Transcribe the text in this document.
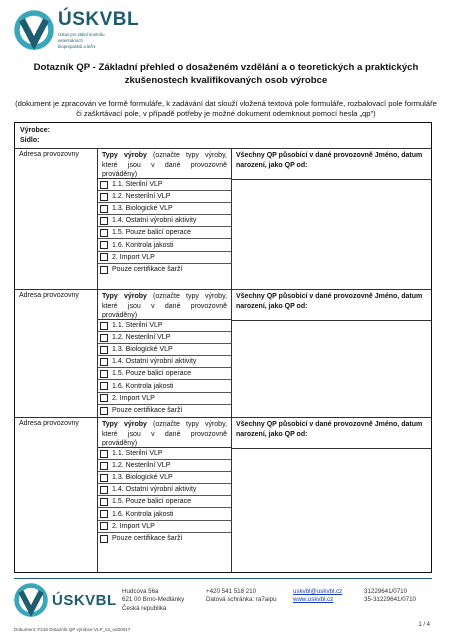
ÚSKVBL
Ústav pro státní kontrolu
veterinárních
biopreparátů a léčiv
Dotazník QP - Základní přehled o dosaženém vzdělání a o teoretických a praktických zkušenostech kvalifikovaných osob výrobce
(dokument je zpracován ve formě formuláře, k zadávání dat slouží vložená textová pole formuláře, rozbalovací pole formuláře či zaškrtávací pole, v případě potřeby je možné dokument odemknout pomocí hesla „qp")
Výrobce:
Sídlo:
Adresa provozovny	Typy výroby (označte typy výroby, které jsou v dané provozovně prováděny)
1.1. Sterilní VLP
1.2. Nesterilní VLP
1.3. Biologické VLP
1.4. Ostatní výrobní aktivity
1.5. Pouze balicí operace
1.6. Kontrola jakosti
2. Import VLP
Pouze certifikace šarží
Všechny QP působící v dané provozovně Jméno, datum narození, jako QP od:
Adresa provozovny	Typy výroby (označte typy výroby, které jsou v dané provozovně prováděny)
1.1. Sterilní VLP
1.2. Nesterilní VLP
1.3. Biologické VLP
1.4. Ostatní výrobní aktivity
1.5. Pouze balicí operace
1.6. Kontrola jakosti
2. Import VLP
Pouze certifikace šarží
Všechny QP působící v dané provozovně Jméno, datum narození, jako QP od:
Adresa provozovny	Typy výroby (označte typy výroby, které jsou v dané provozovně prováděny)
1.1. Sterilní VLP
1.2. Nesterilní VLP
1.3. Biologické VLP
1.4. Ostatní výrobní aktivity
1.5. Pouze balicí operace
1.6. Kontrola jakosti
2. Import VLP
Pouze certifikace šarží
Všechny QP působící v dané provozovně Jméno, datum narození, jako QP od:
ÚSKVBL Hudcova 56a
621 00 Brno-Medlánky
Česká republika
+420 541 518 210
Datová schránka: ra7aipu
uskvbl@uskvbl.cz
www.uskvbl.cz
31229641/0710
35-31229641/0710
1 / 4
Dokument: F216 Dotazník QP výrobce VLP_v3_ed20017
